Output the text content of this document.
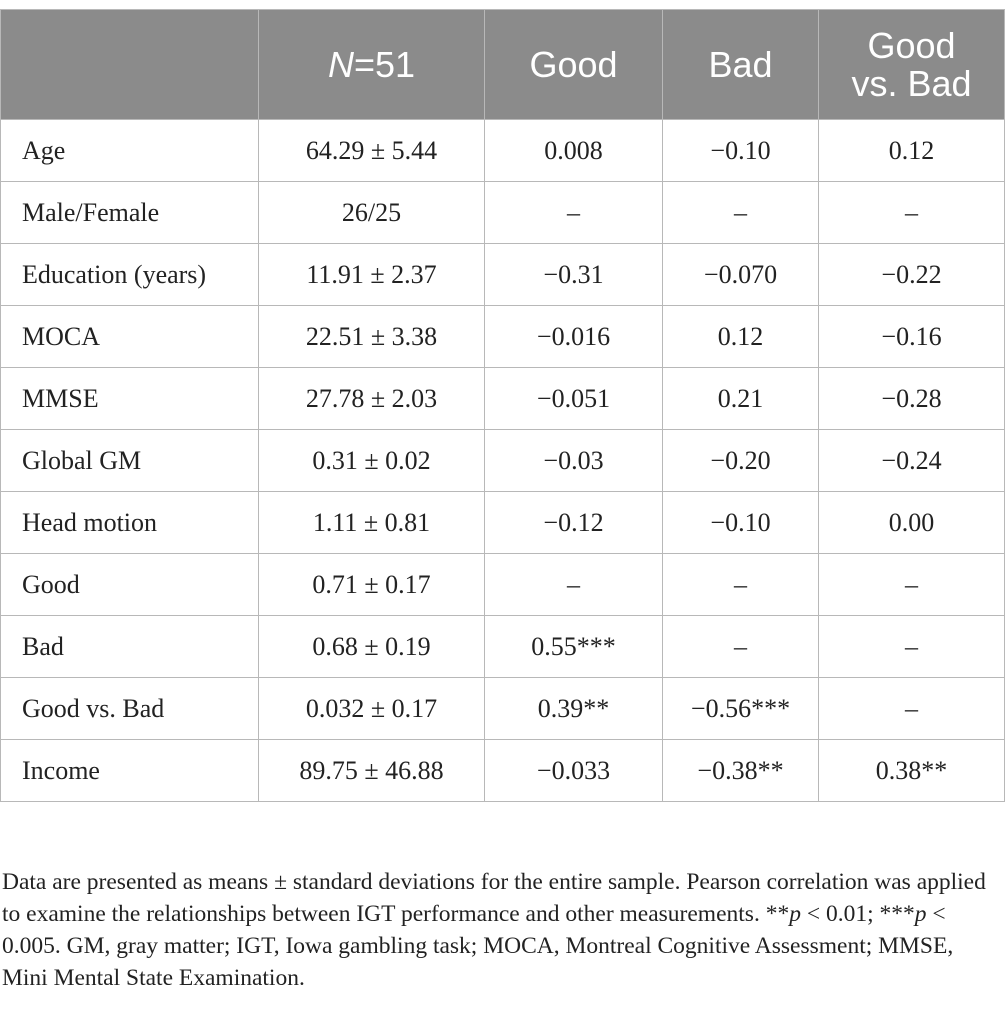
	N=51	Good	Bad	Good
vs. Bad
Age	64.29 ± 5.44	0.008	−0.10	0.12
Male/Female	26/25	–	–	–
Education (years)	11.91 ± 2.37	−0.31	−0.070	−0.22
MOCA	22.51 ± 3.38	−0.016	0.12	−0.16
MMSE	27.78 ± 2.03	−0.051	0.21	−0.28
Global GM	0.31 ± 0.02	−0.03	−0.20	−0.24
Head motion	1.11 ± 0.81	−0.12	−0.10	0.00
Good	0.71 ± 0.17	–	–	–
Bad	0.68 ± 0.19	0.55***	–	–
Good vs. Bad	0.032 ± 0.17	0.39**	−0.56***	–
Income	89.75 ± 46.88	−0.033	−0.38**	0.38**

Data are presented as means ± standard deviations for the entire sample. Pearson correlation was applied to examine the relationships between IGT performance and other measurements. **p < 0.01; ***p < 0.005. GM, gray matter; IGT, Iowa gambling task; MOCA, Montreal Cognitive Assessment; MMSE, Mini Mental State Examination.
